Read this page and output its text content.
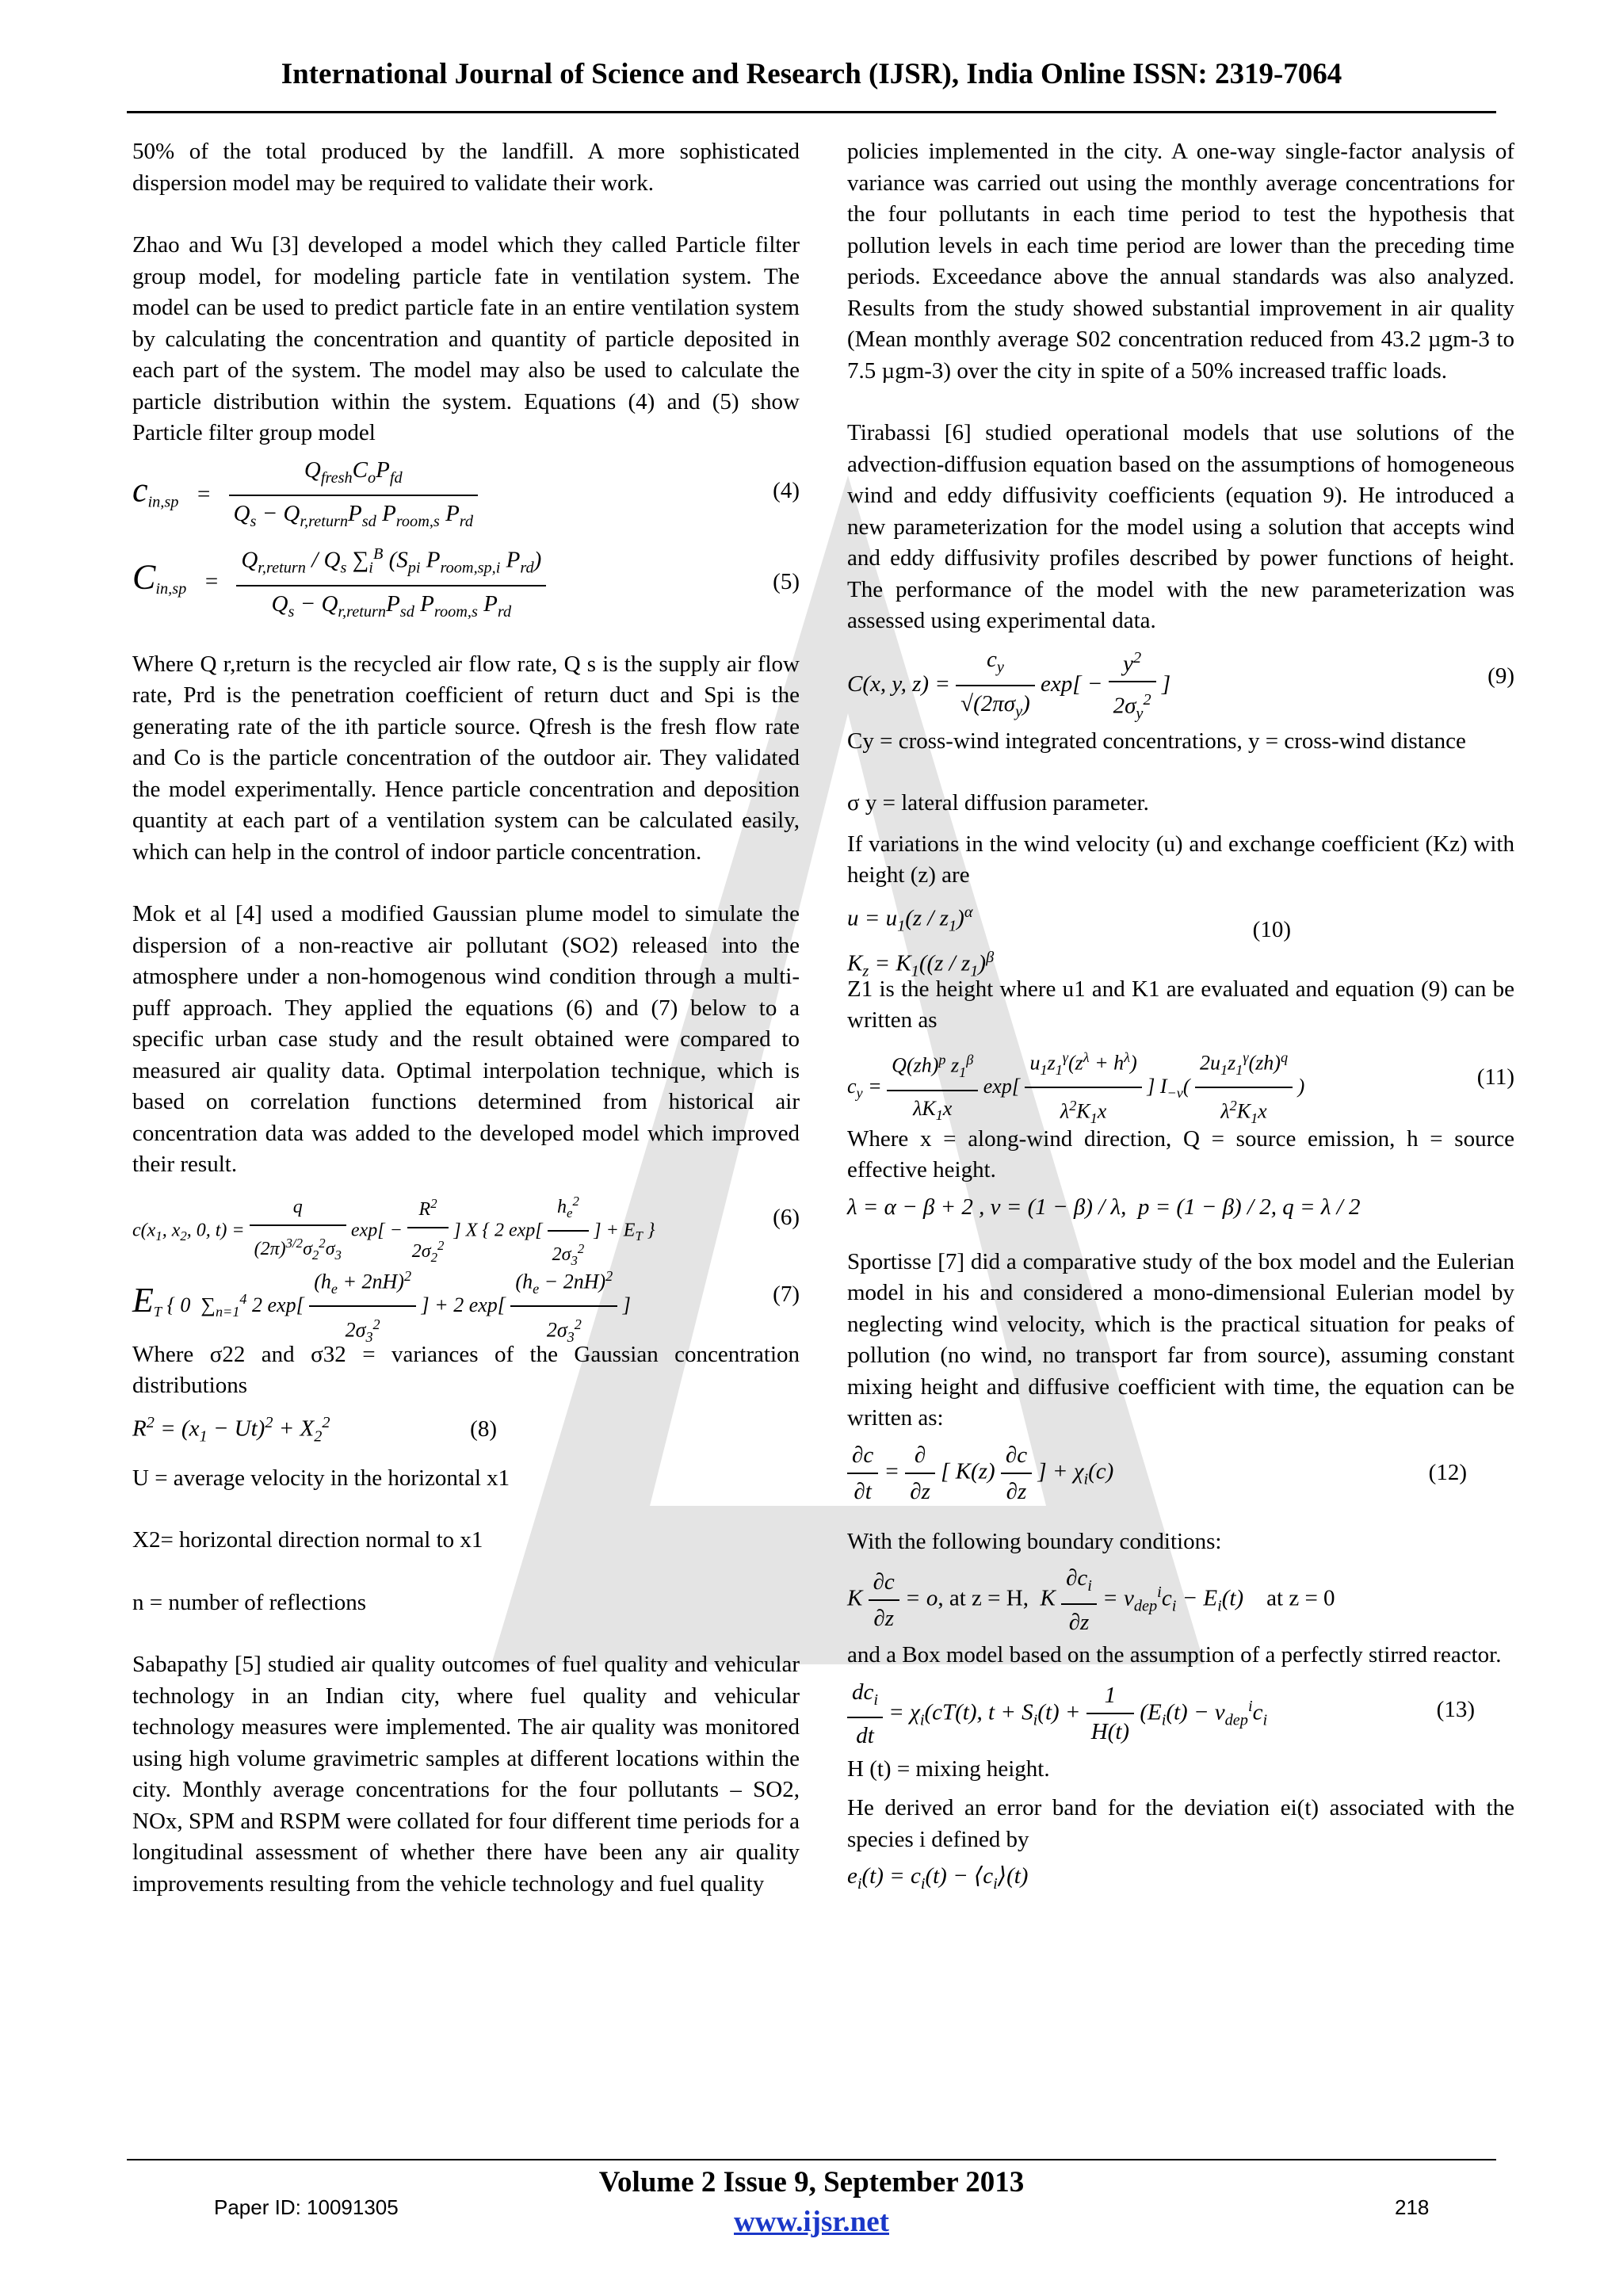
International Journal of Science and Research (IJSR), India Online ISSN: 2319-7064

50% of the total produced by the landfill. A more sophisticated dispersion model may be required to validate their work.

Zhao and Wu [3] developed a model which they called Particle filter group model, for modeling particle fate in ventilation system. The model can be used to predict particle fate in an entire ventilation system by calculating the concentration and quantity of particle deposited in each part of the system. The model may also be used to calculate the particle distribution within the system. Equations (4) and (5) show Particle filter group model

$c_{in,sp} = \frac{Q_{fresh}C_oP_{fd}}{Q_s - Q_{r,return}P_{sd} P_{room,s} P_{rd}}$	(4)
$C_{in,sp} = \frac{Q_{r,return} / Q_s \sum_i^B (S_{pi} P_{room,sp,i} P_{rd})}{Q_s - Q_{r,return}P_{sd} P_{room,s} P_{rd}}$	(5)

Where Q r,return is the recycled air flow rate, Q s is the supply air flow rate, Prd is the penetration coefficient of return duct and Spi is the generating rate of the ith particle source. Qfresh is the fresh flow rate and Co is the particle concentration of the outdoor air. They validated the model experimentally. Hence particle concentration and deposition quantity at each part of a ventilation system can be calculated easily, which can help in the control of indoor particle concentration.

Mok et al [4] used a modified Gaussian plume model to simulate the dispersion of a non-reactive air pollutant (SO2) released into the atmosphere under a non-homogenous wind condition through a multi-puff approach. They applied the equations (6) and (7) below to a specific urban case study and the result obtained were compared to measured air quality data. Optimal interpolation technique, which is based on correlation functions determined from historical air concentration data was added to the developed model which improved their result.

$c(x_1$, $x_2$, 0, $t) = \frac{q}{(2\pi)^{3/2}\sigma_2^2\sigma_3} \exp[ - \frac{R^2}{2\sigma_2^2}$ ] X { 2 $\exp[ \frac{h_e^2}{2\sigma_3^2}$ ] + $E_T$ }
(6)
$E_T$ { 0  $\sum_{n=1}^4$ 2 $\exp[ \frac{(h_e + 2nH)^2}{2\sigma_3^2}$ ] + 2 $\exp[ \frac{(h_e - 2nH)^2}{2\sigma_3^2}$ ]	(7)

Where σ22 and σ32 = variances of the Gaussian concentration distributions

$R^2 = (x_1 - Ut)^2 + X_2^2$	(8)

U = average velocity in the horizontal x1

X2= horizontal direction normal to x1

n = number of reflections

Sabapathy [5] studied air quality outcomes of fuel quality and vehicular technology in an Indian city, where fuel quality and vehicular technology measures were implemented. The air quality was monitored using high volume gravimetric samples at different locations within the city. Monthly average concentrations for the four pollutants – SO2, NOx, SPM and RSPM were collated for four different time periods for a longitudinal assessment of whether there have been any air quality improvements resulting from the vehicle technology and fuel quality

policies implemented in the city. A one-way single-factor analysis of variance was carried out using the monthly average concentrations for the four pollutants in each time period to test the hypothesis that pollution levels in each time period are lower than the preceding time periods. Exceedance above the annual standards was also analyzed. Results from the study showed substantial improvement in air quality (Mean monthly average S02 concentration reduced from 43.2 µgm-3 to 7.5 µgm-3) over the city in spite of a 50% increased traffic loads.

Tirabassi [6] studied operational models that use solutions of the advection-diffusion equation based on the assumptions of homogeneous wind and eddy diffusivity coefficients (equation 9). He introduced a new parameterization for the model using a solution that accepts wind and eddy diffusivity profiles described by power functions of height. The performance of the model with the new parameterization was assessed using experimental data.

C(x, y, $z) = \frac{c_y}{√(2\pi\sigma_y)} \exp[ - \frac{y^2}{2\sigma_y^2}$ ]	(9)

Cy = cross-wind integrated concentrations, y = cross-wind distance

σ y = lateral diffusion parameter.

If variations in the wind velocity (u) and exchange coefficient (Kz) with height (z) are

$u = u_1(z / z_1)^\alpha$
$K_z = K_1((z / z_1)^\beta$
(10)

Z1 is the height where u1 and K1 are evaluated and equation (9) can be written as

$c_y = \frac{Q(zh)^p z_1^\beta}{\lambda K_1x} \exp[ \frac{u_1z_1^\gamma(z^\lambda + h^\lambda)}{\lambda^2K_1x}$ ] $I_{-v}( \frac{2u_1z_1^\gamma(zh)^q}{\lambda^2K_1x}$ )	(11)

Where x = along-wind direction, Q = source emission, h = source effective height.

λ = α − β + 2 , v = (1 − β) / λ,  p = (1 − β) / 2, q = λ / 2

Sportisse [7] did a comparative study of the box model and the Eulerian model in his and considered a mono-dimensional Eulerian model by neglecting wind velocity, which is the practical situation for peaks of pollution (no wind, no transport far from source), assuming constant mixing height and diffusive coefficient with time, the equation can be written as:

$\frac{\partial c}{\partial t} = \frac{\partial}{\partial z}$ [ $K(z) \frac{\partial c}{\partial z}$ ] + $\chi_i(c)$	(12)

With the following boundary conditions:

K $\frac{\partial c}{\partial z} = o$, at z = H,  K $\frac{\partial c_i}{\partial z} = v_{dep}^ic_i - E_i(t)$    at z = 0

and a Box model based on the assumption of a perfectly stirred reactor.

$\frac{dc_i}{dt} = \chi_i(cT(t)$, $t + S_i(t) + \frac{1}{H(t)} (E_i(t) - v_{dep}^ic_i$	(13)

H (t) = mixing height.

He derived an error band for the deviation ei(t) associated with the species i defined by

$e_i(t) = c_i(t)$ − $⟨c_i⟩(t)$
Volume 2 Issue 9, September 2013
www.ijsr.net
Paper ID: 10091305	218
